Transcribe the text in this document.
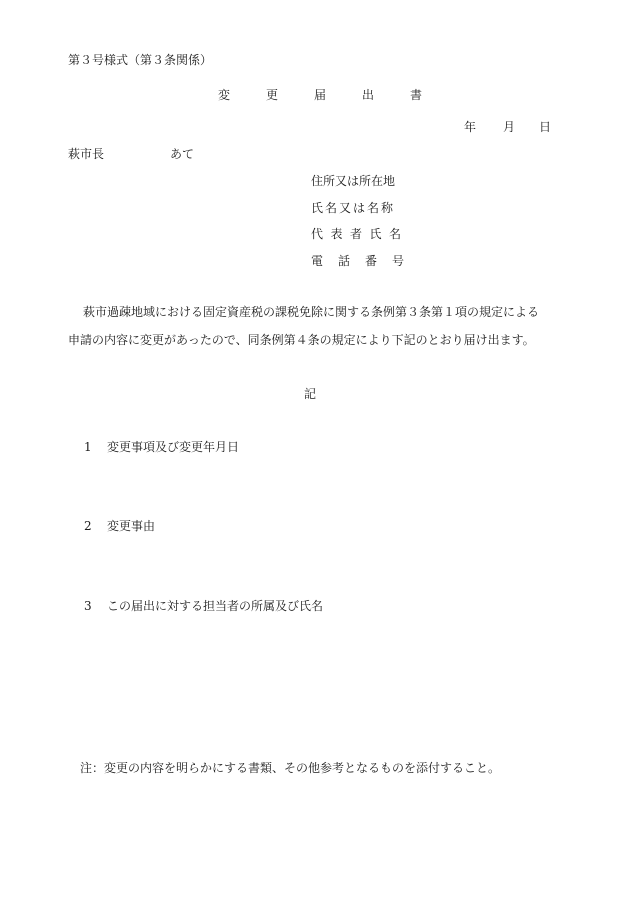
第３号様式（第３条関係）
変更届出書
年 月 日
萩市長	あて
住所又は所在地
氏名又は名称
代表者氏名
電話番号
萩市過疎地域における固定資産税の課税免除に関する条例第３条第１項の規定による
申請の内容に変更があったので、同条例第４条の規定により下記のとおり届け出ます。
記
1 変更事項及び変更年月日
2 変更事由
3 この届出に対する担当者の所属及び氏名
注：変更の内容を明らかにする書類、その他参考となるものを添付すること。
